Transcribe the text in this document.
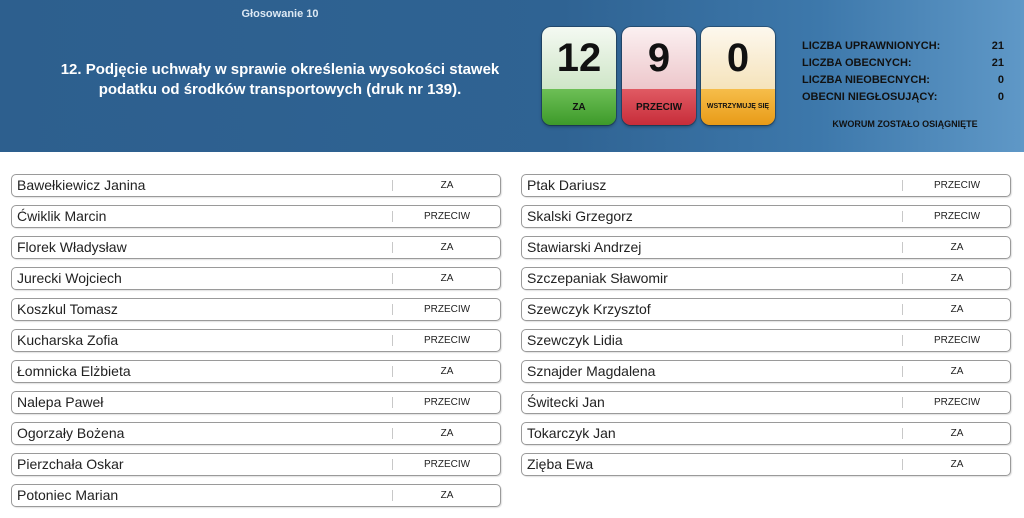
Głosowanie 10
12. Podjęcie uchwały w sprawie określenia wysokości stawek
podatku od środków transportowych (druk nr 139).
12
ZA
9
PRZECIW
0
WSTRZYMUJĘ SIĘ
LICZBA UPRAWNIONYCH:	21
LICZBA OBECNYCH:	21
LICZBA NIEOBECNYCH:	0
OBECNI NIEGŁOSUJĄCY:	0
KWORUM ZOSTAŁO OSIĄGNIĘTE
Bawełkiewicz Janina	ZA
Ćwiklik Marcin	PRZECIW
Florek Władysław	ZA
Jurecki Wojciech	ZA
Koszkul Tomasz	PRZECIW
Kucharska Zofia	PRZECIW
Łomnicka Elżbieta	ZA
Nalepa Paweł	PRZECIW
Ogorzały Bożena	ZA
Pierzchała Oskar	PRZECIW
Potoniec Marian	ZA
Ptak Dariusz	PRZECIW
Skalski Grzegorz	PRZECIW
Stawiarski Andrzej	ZA
Szczepaniak Sławomir	ZA
Szewczyk Krzysztof	ZA
Szewczyk Lidia	PRZECIW
Sznajder Magdalena	ZA
Świtecki Jan	PRZECIW
Tokarczyk Jan	ZA
Zięba Ewa	ZA
